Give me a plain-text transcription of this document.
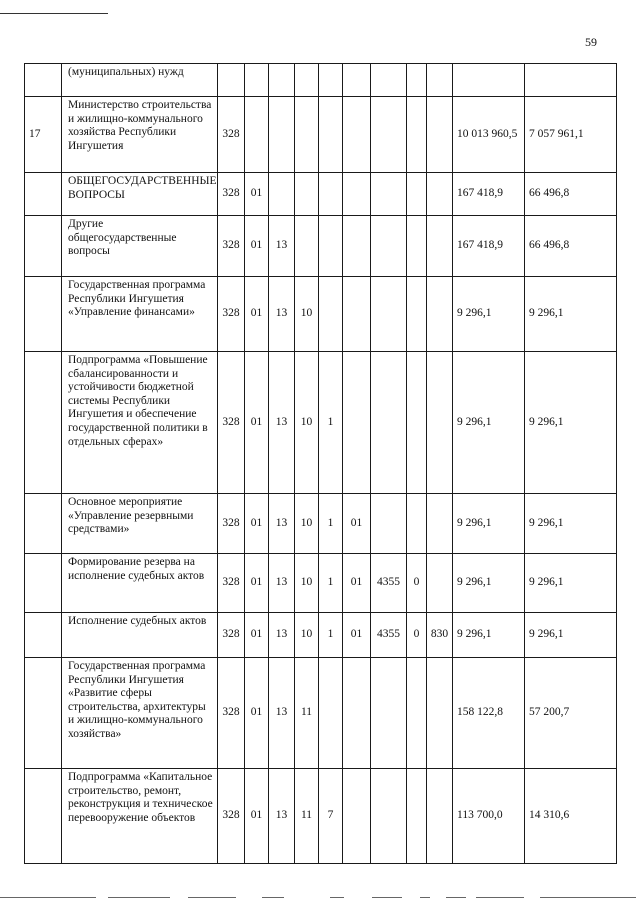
59
	(муниципальных) нужд											
17	Министерство строительства и жилищно-коммунального хозяйства Республики Ингушетия	328									10 013 960,5	7 057 961,1
	ОБЩЕГОСУДАРСТВЕННЫЕ ВОПРОСЫ	328	01								167 418,9	66 496,8
	Другие общегосударственные вопросы	328	01	13							167 418,9	66 496,8
	Государственная программа Республики Ингушетия «Управление финансами»	328	01	13	10						9 296,1	9 296,1
	Подпрограмма «Повышение сбалансированности и устойчивости бюджетной системы Республики Ингушетия и обеспечение государственной политики в отдельных сферах»	328	01	13	10	1					9 296,1	9 296,1
	Основное мероприятие «Управление резервными средствами»	328	01	13	10	1	01				9 296,1	9 296,1
	Формирование резерва на исполнение судебных актов	328	01	13	10	1	01	4355	0		9 296,1	9 296,1
	Исполнение судебных актов	328	01	13	10	1	01	4355	0	830	9 296,1	9 296,1
	Государственная программа Республики Ингушетия «Развитие сферы строительства, архитектуры и жилищно-коммунального хозяйства»	328	01	13	11						158 122,8	57 200,7
	Подпрограмма «Капитальное строительство, ремонт, реконструкция и техническое перевооружение объектов	328	01	13	11	7					113 700,0	14 310,6
